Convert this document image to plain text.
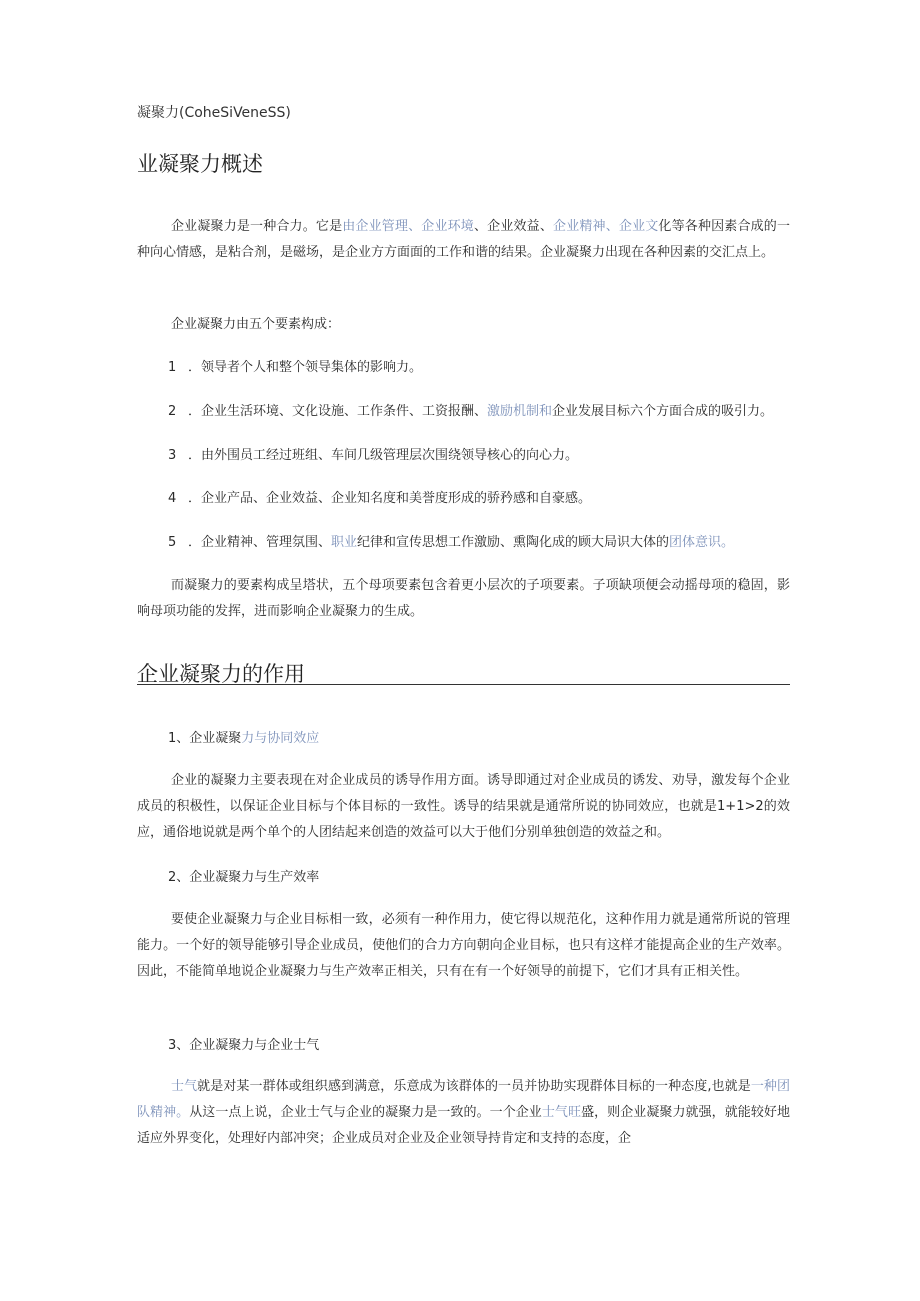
凝聚力(CoheSiVeneSS)
业凝聚力概述
企业凝聚力是一种合力。它是由企业管理、企业环境、企业效益、企业精神、企业文化等各种因素合成的一种向心情感，是粘合剂，是磁场，是企业方方面面的工作和谐的结果。企业凝聚力出现在各种因素的交汇点上。
企业凝聚力由五个要素构成：
1 ．领导者个人和整个领导集体的影响力。
2 ．企业生活环境、文化设施、工作条件、工资报酬、激励机制和企业发展目标六个方面合成的吸引力。
3 ．由外围员工经过班组、车间几级管理层次围绕领导核心的向心力。
4 ．企业产品、企业效益、企业知名度和美誉度形成的骄矜感和自豪感。
5 ．企业精神、管理氛围、职业纪律和宣传思想工作激励、熏陶化成的顾大局识大体的团体意识。
而凝聚力的要素构成呈塔状，五个母项要素包含着更小层次的子项要素。子项缺项便会动摇母项的稳固，影响母项功能的发挥，进而影响企业凝聚力的生成。
企业凝聚力的作用
1、企业凝聚力与协同效应
企业的凝聚力主要表现在对企业成员的诱导作用方面。诱导即通过对企业成员的诱发、劝导，激发每个企业成员的积极性，以保证企业目标与个体目标的一致性。诱导的结果就是通常所说的协同效应，也就是1+1>2的效应，通俗地说就是两个单个的人团结起来创造的效益可以大于他们分别单独创造的效益之和。
2、企业凝聚力与生产效率
要使企业凝聚力与企业目标相一致，必须有一种作用力，使它得以规范化，这种作用力就是通常所说的管理能力。一个好的领导能够引导企业成员，使他们的合力方向朝向企业目标，也只有这样才能提高企业的生产效率。因此，不能简单地说企业凝聚力与生产效率正相关，只有在有一个好领导的前提下，它们才具有正相关性。
3、企业凝聚力与企业士气
士气就是对某一群体或组织感到满意，乐意成为该群体的一员并协助实现群体目标的一种态度,也就是一种团队精神。从这一点上说，企业士气与企业的凝聚力是一致的。一个企业士气旺盛，则企业凝聚力就强，就能较好地适应外界变化，处理好内部冲突；企业成员对企业及企业领导持肯定和支持的态度，企
